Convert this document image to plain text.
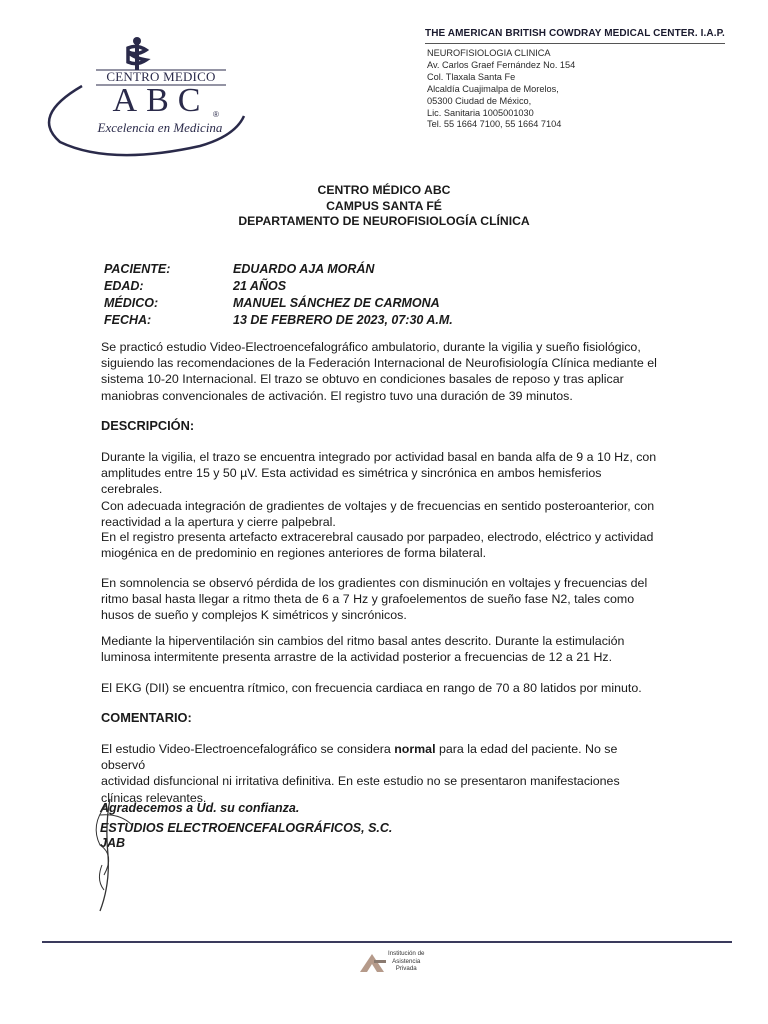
CENTRO MEDICO
ABC ®
Excelencia en Medicina
THE AMERICAN BRITISH COWDRAY MEDICAL CENTER. I.A.P.
NEUROFISIOLOGIA CLINICA
Av. Carlos Graef Fernández No. 154
Col. Tlaxala Santa Fe
Alcaldía Cuajimalpa de Morelos,
05300 Ciudad de México,
Lic. Sanitaria 1005001030
Tel. 55 1664 7100, 55 1664 7104
CENTRO MÉDICO ABC
CAMPUS SANTA FÉ
DEPARTAMENTO DE NEUROFISIOLOGÍA CLÍNICA
PACIENTE:
EDAD:
MÉDICO:
FECHA:
EDUARDO AJA MORÁN
21 AÑOS
MANUEL SÁNCHEZ DE CARMONA
13 DE FEBRERO DE 2023, 07:30 A.M.
Se practicó estudio Video-Electroencefalográfico ambulatorio, durante la vigilia y sueño fisiológico,
siguiendo las recomendaciones de la Federación Internacional de Neurofisiología Clínica mediante el
sistema 10-20 Internacional. El trazo se obtuvo en condiciones basales de reposo y tras aplicar
maniobras convencionales de activación. El registro tuvo una duración de 39 minutos.
DESCRIPCIÓN:
Durante la vigilia, el trazo se encuentra integrado por actividad basal en banda alfa de 9 a 10 Hz, con
amplitudes entre 15 y 50 µV. Esta actividad es simétrica y sincrónica en ambos hemisferios cerebrales.
Con adecuada integración de gradientes de voltajes y de frecuencias en sentido posteroanterior, con
reactividad a la apertura y cierre palpebral.
En el registro presenta artefacto extracerebral causado por parpadeo, electrodo, eléctrico y actividad
miogénica en de predominio en regiones anteriores de forma bilateral.
En somnolencia se observó pérdida de los gradientes con disminución en voltajes y frecuencias del
ritmo basal hasta llegar a ritmo theta de 6 a 7 Hz y grafoelementos de sueño fase N2, tales como
husos de sueño y complejos K simétricos y sincrónicos.
Mediante la hiperventilación sin cambios del ritmo basal antes descrito. Durante la estimulación
luminosa intermitente presenta arrastre de la actividad posterior a frecuencias de 12 a 21 Hz.
El EKG (DII) se encuentra rítmico, con frecuencia cardiaca en rango de 70 a 80 latidos por minuto.
COMENTARIO:
El estudio Video-Electroencefalográfico se considera normal para la edad del paciente. No se observó
actividad disfuncional ni irritativa definitiva. En este estudio no se presentaron manifestaciones
clínicas relevantes.
Agradecemos a Ud. su confianza.
ESTUDIOS ELECTROENCEFALOGRÁFICOS, S.C.
JAB
Institución de
Asistencia
Privada
